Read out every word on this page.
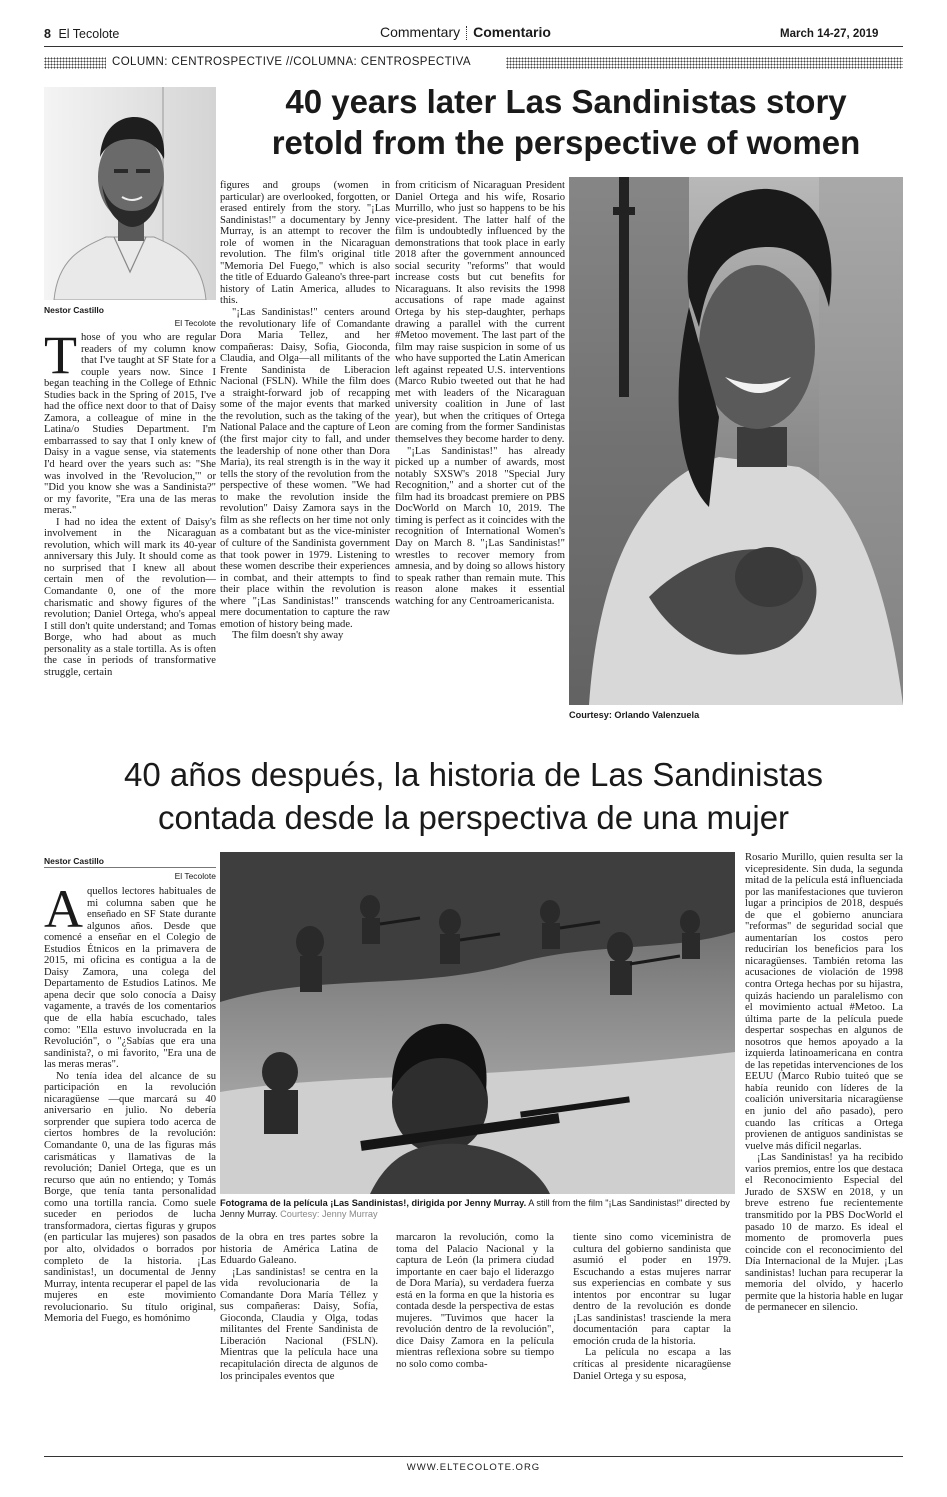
8 El Tecolote	Commentary Comentario	March 14-27, 2019
COLUMN: CENTROSPECTIVE //COLUMNA: CENTROSPECTIVA
Nestor Castillo
El Tecolote
40 years later Las Sandinistas story
retold from the perspective of women
T hose of you who are regular readers of my column know that I've taught at SF State for a couple years now. Since I began teaching in the College of Ethnic Studies back in the Spring of 2015, I've had the office next door to that of Daisy Zamora, a colleague of mine in the Latina/o Studies Department. I'm embarrassed to say that I only knew of Daisy in a vague sense, via statements I'd heard over the years such as: "She was involved in the 'Revolucion,'" or "Did you know she was a Sandinista?" or my favorite, "Era una de las meras meras."

I had no idea the extent of Daisy's involvement in the Nicaraguan revolution, which will mark its 40-year anniversary this July. It should come as no surprised that I knew all about certain men of the revolution—Comandante 0, one of the more charismatic and showy figures of the revolution; Daniel Ortega, who's appeal I still don't quite understand; and Tomas Borge, who had about as much personality as a stale tortilla. As is often the case in periods of transformative struggle, certain

figures and groups (women in particular) are overlooked, forgotten, or erased entirely from the story. "¡Las Sandinistas!" a documentary by Jenny Murray, is an attempt to recover the role of women in the Nicaraguan revolution. The film's original title "Memoria Del Fuego," which is also the title of Eduardo Galeano's three-part history of Latin America, alludes to this.

"¡Las Sandinistas!" centers around the revolutionary life of Comandante Dora Maria Tellez, and her compañeras: Daisy, Sofia, Gioconda, Claudia, and Olga—all militants of the Frente Sandinista de Liberacion Nacional (FSLN). While the film does a straight-forward job of recapping some of the major events that marked the revolution, such as the taking of the National Palace and the capture of Leon (the first major city to fall, and under the leadership of none other than Dora Maria), its real strength is in the way it tells the story of the revolution from the perspective of these women. "We had to make the revolution inside the revolution" Daisy Zamora says in the film as she reflects on her time not only as a combatant but as the vice-minister of culture of the Sandinista government that took power in 1979. Listening to these women describe their experiences in combat, and their attempts to find their place within the revolution is where "¡Las Sandinistas!" transcends mere documentation to capture the raw emotion of history being made.

The film doesn't shy away

from criticism of Nicaraguan President Daniel Ortega and his wife, Rosario Murrillo, who just so happens to be his vice-president. The latter half of the film is undoubtedly influenced by the demonstrations that took place in early 2018 after the government announced social security "reforms" that would increase costs but cut benefits for Nicaraguans. It also revisits the 1998 accusations of rape made against Ortega by his step-daughter, perhaps drawing a parallel with the current #Metoo movement. The last part of the film may raise suspicion in some of us who have supported the Latin American left against repeated U.S. interventions (Marco Rubio tweeted out that he had met with leaders of the Nicaraguan university coalition in June of last year), but when the critiques of Ortega are coming from the former Sandinistas themselves they become harder to deny.

"¡Las Sandinistas!" has already picked up a number of awards, most notably SXSW's 2018 "Special Jury Recognition," and a shorter cut of the film had its broadcast premiere on PBS DocWorld on March 10, 2019. The timing is perfect as it coincides with the recognition of International Women's Day on March 8. "¡Las Sandinistas!" wrestles to recover memory from amnesia, and by doing so allows history to speak rather than remain mute. This reason alone makes it essential watching for any Centroamericanista.

Courtesy: Orlando Valenzuela
40 años después, la historia de Las Sandinistas
contada desde la perspectiva de una mujer
Nestor Castillo
El Tecolote
A quellos lectores habituales de mi columna saben que he enseñado en SF State durante algunos años. Desde que comencé a enseñar en el Colegio de Estudios Étnicos en la primavera de 2015, mi oficina es contigua a la de Daisy Zamora, una colega del Departamento de Estudios Latinos. Me apena decir que solo conocía a Daisy vagamente, a través de los comentarios que de ella había escuchado, tales como: "Ella estuvo involucrada en la Revolución", o "¿Sabías que era una sandinista?, o mi favorito, "Era una de las meras meras".

No tenía idea del alcance de su participación en la revolución nicaragüense —que marcará su 40 aniversario en julio. No debería sorprender que supiera todo acerca de ciertos hombres de la revolución: Comandante 0, una de las figuras más carismáticas y llamativas de la revolución; Daniel Ortega, que es un recurso que aún no entiendo; y Tomás Borge, que tenía tanta personalidad como una tortilla rancia. Como suele suceder en periodos de lucha transformadora, ciertas figuras y grupos (en particular las mujeres) son pasados por alto, olvidados o borrados por completo de la historia. ¡Las sandinistas!, un documental de Jenny Murray, intenta recuperar el papel de las mujeres en este movimiento revolucionario. Su título original, Memoria del Fuego, es homónimo

Fotograma de la película ¡Las Sandinistas!, dirigida por Jenny Murray. A still from the film "¡Las Sandinistas!" directed by Jenny Murray. Courtesy: Jenny Murray

de la obra en tres partes sobre la historia de América Latina de Eduardo Galeano.

¡Las sandinistas! se centra en la vida revolucionaria de la Comandante Dora María Téllez y sus compañeras: Daisy, Sofía, Gioconda, Claudia y Olga, todas militantes del Frente Sandinista de Liberación Nacional (FSLN). Mientras que la película hace una recapitulación directa de algunos de los principales eventos que

marcaron la revolución, como la toma del Palacio Nacional y la captura de León (la primera ciudad importante en caer bajo el liderazgo de Dora María), su verdadera fuerza está en la forma en que la historia es contada desde la perspectiva de estas mujeres. "Tuvimos que hacer la revolución dentro de la revolución", dice Daisy Zamora en la película mientras reflexiona sobre su tiempo no solo como comba-

tiente sino como viceministra de cultura del gobierno sandinista que asumió el poder en 1979. Escuchando a estas mujeres narrar sus experiencias en combate y sus intentos por encontrar su lugar dentro de la revolución es donde ¡Las sandinistas! trasciende la mera documentación para captar la emoción cruda de la historia.

La película no escapa a las críticas al presidente nicaragüense Daniel Ortega y su esposa,

Rosario Murillo, quien resulta ser la vicepresidente. Sin duda, la segunda mitad de la película está influenciada por las manifestaciones que tuvieron lugar a principios de 2018, después de que el gobierno anunciara "reformas" de seguridad social que aumentarían los costos pero reducirían los beneficios para los nicaragüenses. También retoma las acusaciones de violación de 1998 contra Ortega hechas por su hijastra, quizás haciendo un paralelismo con el movimiento actual #Metoo. La última parte de la película puede despertar sospechas en algunos de nosotros que hemos apoyado a la izquierda latinoamericana en contra de las repetidas intervenciones de los EEUU (Marco Rubio tuiteó que se había reunido con líderes de la coalición universitaria nicaragüense en junio del año pasado), pero cuando las críticas a Ortega provienen de antiguos sandinistas se vuelve más difícil negarlas.

¡Las Sandinistas! ya ha recibido varios premios, entre los que destaca el Reconocimiento Especial del Jurado de SXSW en 2018, y un breve estreno fue recientemente transmitido por la PBS DocWorld el pasado 10 de marzo. Es ideal el momento de promoverla pues coincide con el reconocimiento del Día Internacional de la Mujer. ¡Las sandinistas! luchan para recuperar la memoria del olvido, y hacerlo permite que la historia hable en lugar de permanecer en silencio.

WWW.ELTECOLOTE.ORG
